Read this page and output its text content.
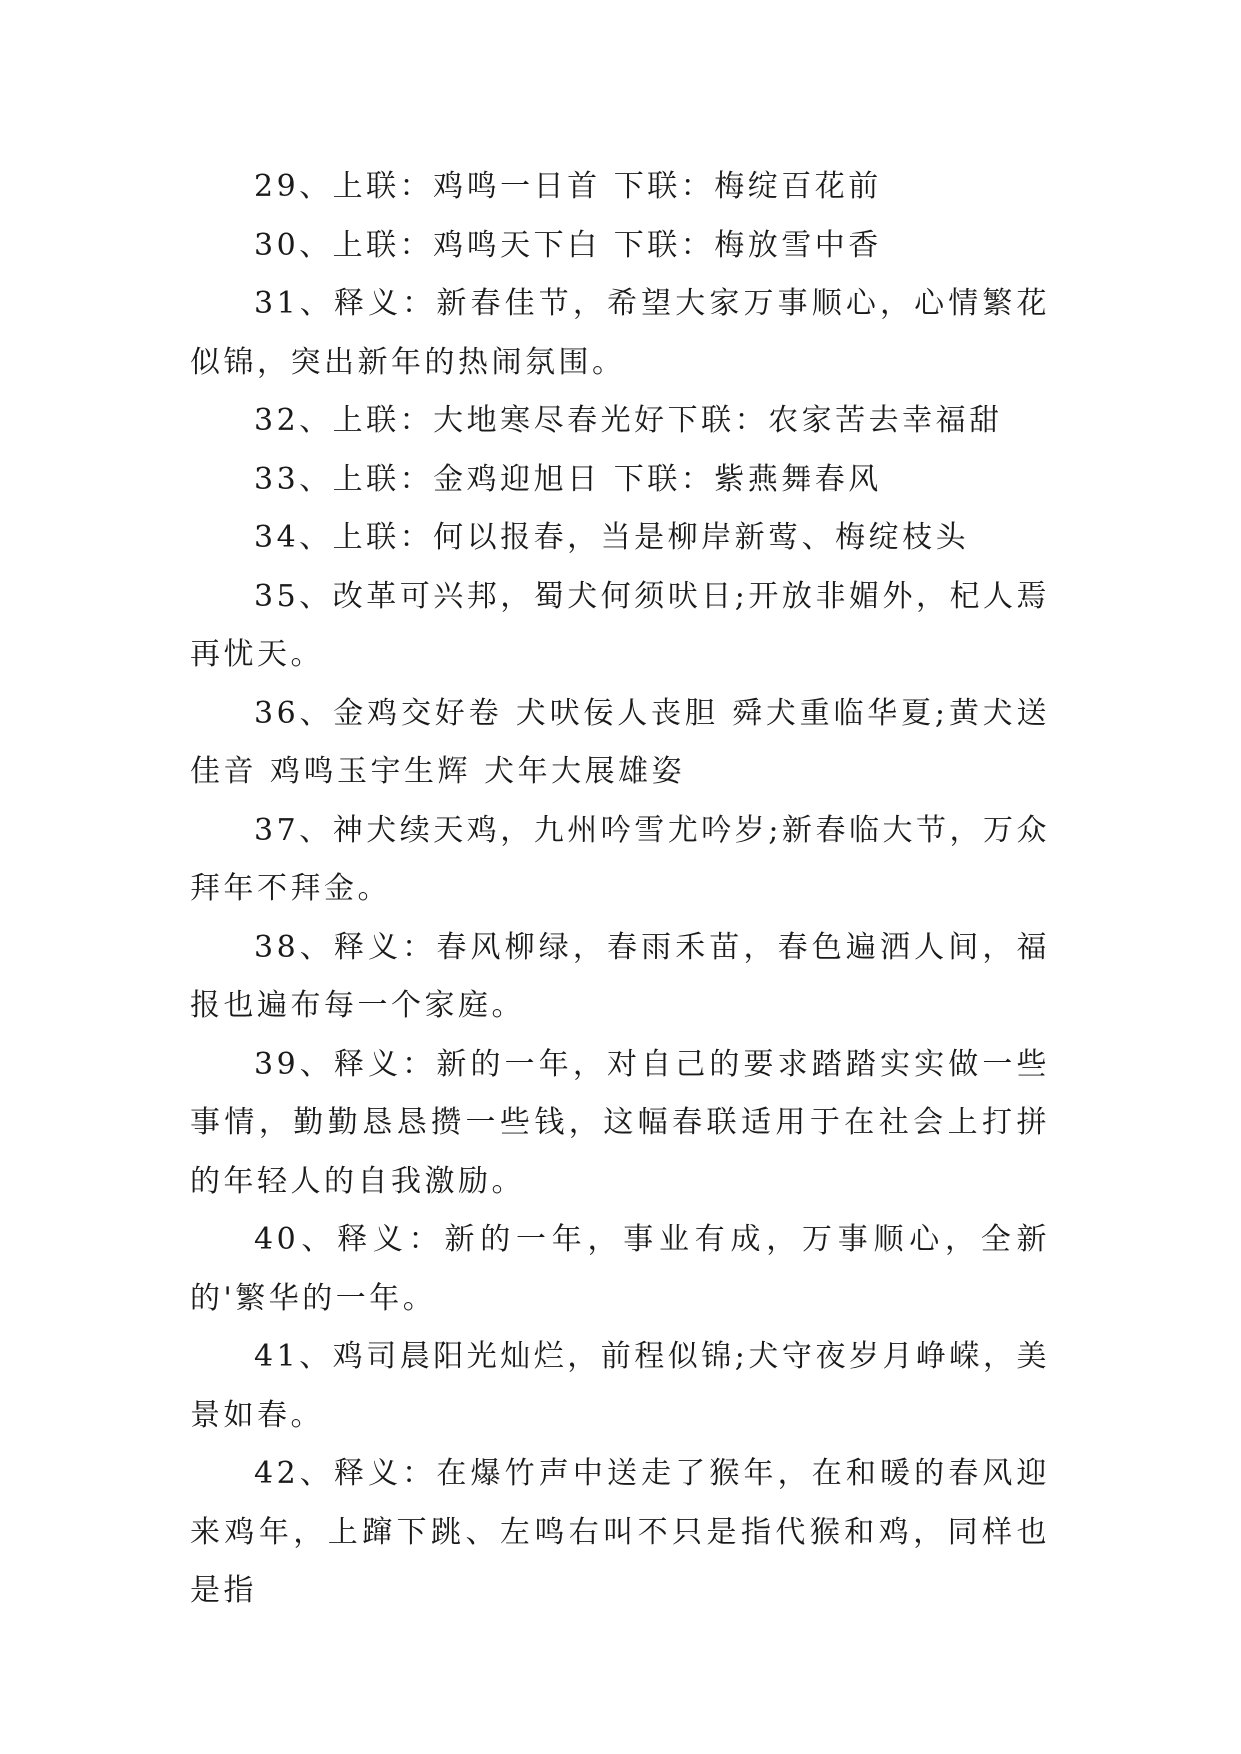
29、上联：鸡鸣一日首 下联：梅绽百花前

30、上联：鸡鸣天下白 下联：梅放雪中香

31、释义：新春佳节，希望大家万事顺心，心情繁花似锦，突出新年的热闹氛围。

32、上联：大地寒尽春光好下联：农家苦去幸福甜

33、上联：金鸡迎旭日 下联：紫燕舞春风

34、上联：何以报春，当是柳岸新莺、梅绽枝头

35、改革可兴邦，蜀犬何须吠日;开放非媚外，杞人焉再忧天。

36、金鸡交好卷 犬吠佞人丧胆 舜犬重临华夏;黄犬送佳音 鸡鸣玉宇生辉 犬年大展雄姿

37、神犬续天鸡，九州吟雪尤吟岁;新春临大节，万众拜年不拜金。

38、释义：春风柳绿，春雨禾苗，春色遍洒人间，福报也遍布每一个家庭。

39、释义：新的一年，对自己的要求踏踏实实做一些事情，勤勤恳恳攒一些钱，这幅春联适用于在社会上打拼的年轻人的自我激励。

40、释义：新的一年，事业有成，万事顺心，全新的'繁华的一年。

41、鸡司晨阳光灿烂，前程似锦;犬守夜岁月峥嵘，美景如春。

42、释义：在爆竹声中送走了猴年，在和暖的春风迎来鸡年，上蹿下跳、左鸣右叫不只是指代猴和鸡，同样也是指
